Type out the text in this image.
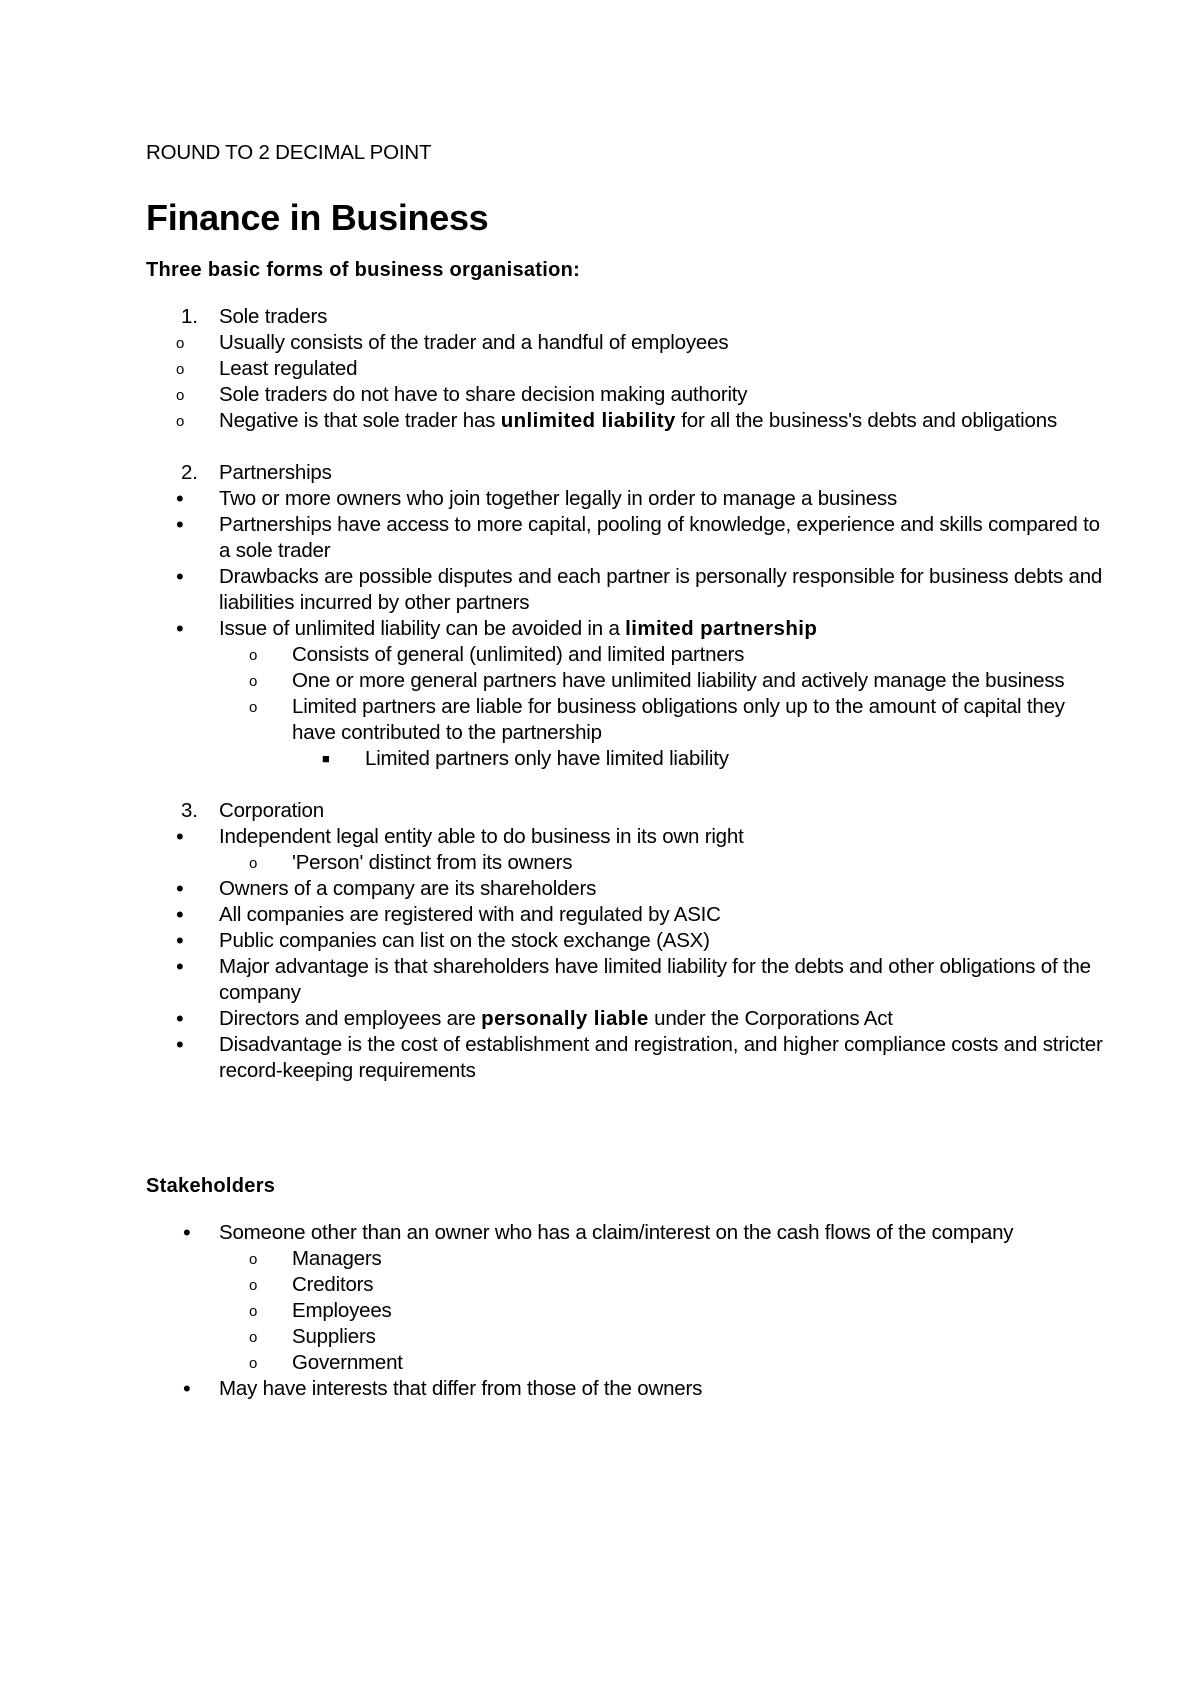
ROUND TO 2 DECIMAL POINT

Finance in Business
Three basic forms of business organisation:
1.	Sole traders
o Usually consists of the trader and a handful of employees
o Least regulated
o Sole traders do not have to share decision making authority
o Negative is that sole trader has unlimited liability for all the business's debts and obligations
2.	Partnerships
• Two or more owners who join together legally in order to manage a business
• Partnerships have access to more capital, pooling of knowledge, experience and skills compared to a sole trader
• Drawbacks are possible disputes and each partner is personally responsible for business debts and liabilities incurred by other partners
• Issue of unlimited liability can be avoided in a limited partnership
o Consists of general (unlimited) and limited partners
o One or more general partners have unlimited liability and actively manage the business
o Limited partners are liable for business obligations only up to the amount of capital they have contributed to the partnership
■ Limited partners only have limited liability
3.	Corporation
• Independent legal entity able to do business in its own right
o 'Person' distinct from its owners
• Owners of a company are its shareholders
• All companies are registered with and regulated by ASIC
• Public companies can list on the stock exchange (ASX)
• Major advantage is that shareholders have limited liability for the debts and other obligations of the company
• Directors and employees are personally liable under the Corporations Act
• Disadvantage is the cost of establishment and registration, and higher compliance costs and stricter record-keeping requirements
Stakeholders
• Someone other than an owner who has a claim/interest on the cash flows of the company
o Managers
o Creditors
o Employees
o Suppliers
o Government
• May have interests that differ from those of the owners
